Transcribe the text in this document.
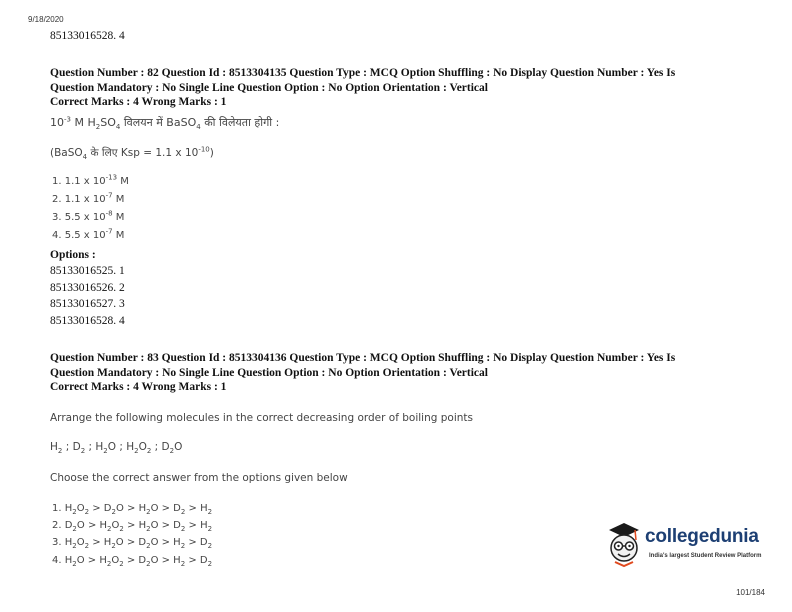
9/18/2020
85133016528. 4
Question Number : 82 Question Id : 8513304135 Question Type : MCQ Option Shuffling : No Display Question Number : Yes Is
Question Mandatory : No Single Line Question Option : No Option Orientation : Vertical
Correct Marks : 4 Wrong Marks : 1
$10^{-3}$ M $H_2SO_4$ विलयन में BaSO$_4$ की विलेयता होगी :
(BaSO$_4$ के लिए Ksp = 1.1 x $10^{-10}$)
1. 1.1 x $10^{-13}$ M
2. 1.1 x $10^{-7}$ M
3. 5.5 x $10^{-8}$ M
4. 5.5 x $10^{-7}$ M
Options :
85133016525. 1
85133016526. 2
85133016527. 3
85133016528. 4
Question Number : 83 Question Id : 8513304136 Question Type : MCQ Option Shuffling : No Display Question Number : Yes Is
Question Mandatory : No Single Line Question Option : No Option Orientation : Vertical
Correct Marks : 4 Wrong Marks : 1
Arrange the following molecules in the correct decreasing order of boiling points
$H_2$ ; $D_2$ ; $H_2O$ ; $H_2O_2$ ; $D_2O$
Choose the correct answer from the options given below
1. $H_2O_2 > D_2O > H_2O > D_2 > H_2$
2. $D_2O > H_2O_2 > H_2O > D_2 > H_2$
3. $H_2O_2 > H_2O > D_2O > H_2 > D_2$
4. $H_2O > H_2O_2 > D_2O > H_2 > D_2$
collegedunia
India's largest Student Review Platform
101/184
